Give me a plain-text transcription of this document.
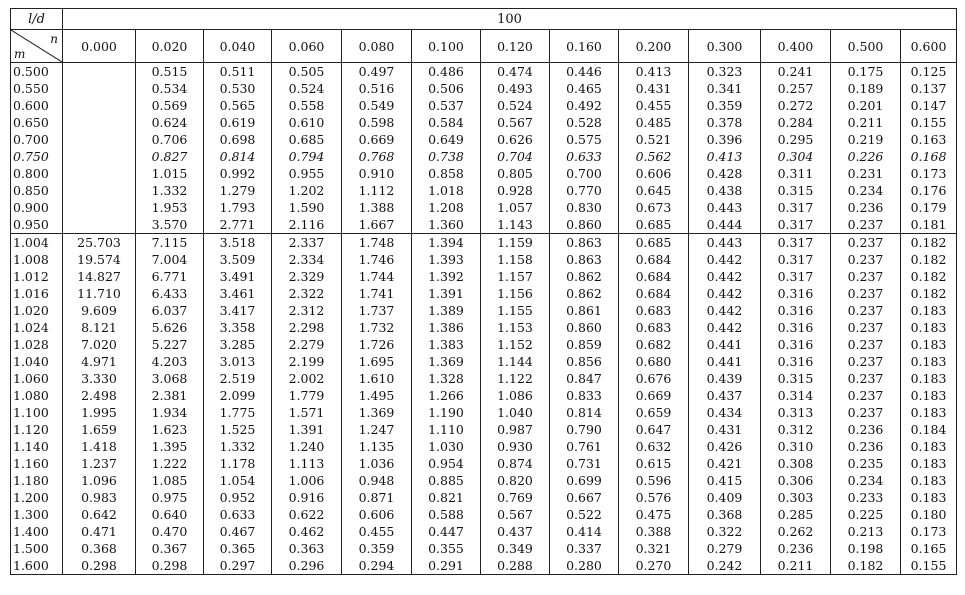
l/d	100												

n
m	0.000	0.020	0.040	0.060	0.080	0.100	0.120	0.160	0.200	0.300	0.400	0.500	0.600
0.500		0.515	0.511	0.505	0.497	0.486	0.474	0.446	0.413	0.323	0.241	0.175	0.125
0.550		0.534	0.530	0.524	0.516	0.506	0.493	0.465	0.431	0.341	0.257	0.189	0.137
0.600		0.569	0.565	0.558	0.549	0.537	0.524	0.492	0.455	0.359	0.272	0.201	0.147
0.650		0.624	0.619	0.610	0.598	0.584	0.567	0.528	0.485	0.378	0.284	0.211	0.155
0.700		0.706	0.698	0.685	0.669	0.649	0.626	0.575	0.521	0.396	0.295	0.219	0.163
0.750		0.827	0.814	0.794	0.768	0.738	0.704	0.633	0.562	0.413	0.304	0.226	0.168
0.800		1.015	0.992	0.955	0.910	0.858	0.805	0.700	0.606	0.428	0.311	0.231	0.173
0.850		1.332	1.279	1.202	1.112	1.018	0.928	0.770	0.645	0.438	0.315	0.234	0.176
0.900		1.953	1.793	1.590	1.388	1.208	1.057	0.830	0.673	0.443	0.317	0.236	0.179
0.950		3.570	2.771	2.116	1.667	1.360	1.143	0.860	0.685	0.444	0.317	0.237	0.181
1.004	25.703	7.115	3.518	2.337	1.748	1.394	1.159	0.863	0.685	0.443	0.317	0.237	0.182
1.008	19.574	7.004	3.509	2.334	1.746	1.393	1.158	0.863	0.684	0.442	0.317	0.237	0.182
1.012	14.827	6.771	3.491	2.329	1.744	1.392	1.157	0.862	0.684	0.442	0.317	0.237	0.182
1.016	11.710	6.433	3.461	2.322	1.741	1.391	1.156	0.862	0.684	0.442	0.316	0.237	0.182
1.020	9.609	6.037	3.417	2.312	1.737	1.389	1.155	0.861	0.683	0.442	0.316	0.237	0.183
1.024	8.121	5.626	3.358	2.298	1.732	1.386	1.153	0.860	0.683	0.442	0.316	0.237	0.183
1.028	7.020	5.227	3.285	2.279	1.726	1.383	1.152	0.859	0.682	0.441	0.316	0.237	0.183
1.040	4.971	4.203	3.013	2.199	1.695	1.369	1.144	0.856	0.680	0.441	0.316	0.237	0.183
1.060	3.330	3.068	2.519	2.002	1.610	1.328	1.122	0.847	0.676	0.439	0.315	0.237	0.183
1.080	2.498	2.381	2.099	1.779	1.495	1.266	1.086	0.833	0.669	0.437	0.314	0.237	0.183
1.100	1.995	1.934	1.775	1.571	1.369	1.190	1.040	0.814	0.659	0.434	0.313	0.237	0.183
1.120	1.659	1.623	1.525	1.391	1.247	1.110	0.987	0.790	0.647	0.431	0.312	0.236	0.184
1.140	1.418	1.395	1.332	1.240	1.135	1.030	0.930	0.761	0.632	0.426	0.310	0.236	0.183
1.160	1.237	1.222	1.178	1.113	1.036	0.954	0.874	0.731	0.615	0.421	0.308	0.235	0.183
1.180	1.096	1.085	1.054	1.006	0.948	0.885	0.820	0.699	0.596	0.415	0.306	0.234	0.183
1.200	0.983	0.975	0.952	0.916	0.871	0.821	0.769	0.667	0.576	0.409	0.303	0.233	0.183
1.300	0.642	0.640	0.633	0.622	0.606	0.588	0.567	0.522	0.475	0.368	0.285	0.225	0.180
1.400	0.471	0.470	0.467	0.462	0.455	0.447	0.437	0.414	0.388	0.322	0.262	0.213	0.173
1.500	0.368	0.367	0.365	0.363	0.359	0.355	0.349	0.337	0.321	0.279	0.236	0.198	0.165
1.600	0.298	0.298	0.297	0.296	0.294	0.291	0.288	0.280	0.270	0.242	0.211	0.182	0.155
